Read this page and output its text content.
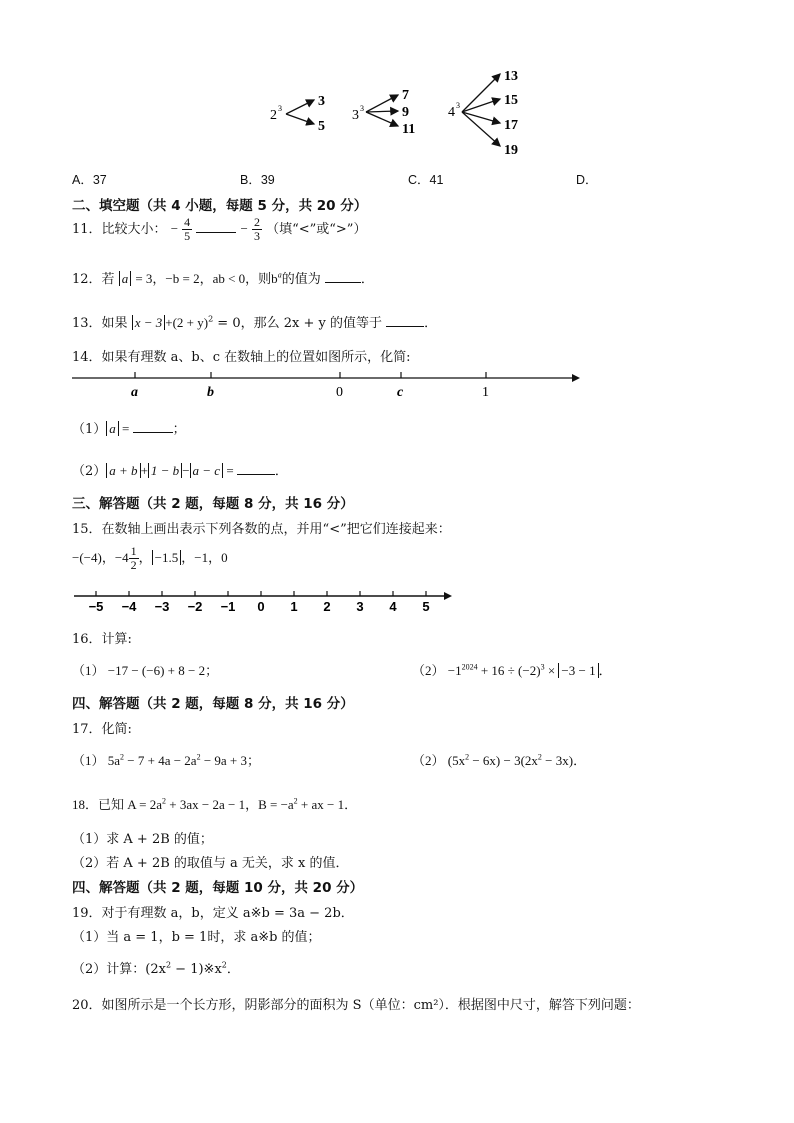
2 3	3
5
3 3
7
9
11
4 3
13
15
17
19
A．37	B．39	C．41	D．
二、填空题（共 4 小题，每题 5 分，共 20 分）
11．比较大小： − $\frac{4}{5}$	− $\frac{2}{3}$ （填“<”或“>”）
12．若 a = 3，−b = 2，ab < 0，则$b^a$的值为	．
13．如果 $x - 3 +(2 + y)^2 = 0$，那么 2x + y 的值等于	．
14．如果有理数 a、b、c 在数轴上的位置如图所示，化简:
a	b	0	c	1
（1） a =	；
（2） a + b + 1 − b − a − c =	．
三、解答题（共 2 题，每题 8 分，共 16 分）
15．在数轴上画出表示下列各数的点，并用“<”把它们连接起来：
−(−4)，$-4 \frac{1}{2}$ ， −1.5 ，−1，0
−5 −4 −3 −2 −1 0 1 2 3 4 5
16．计算:
（1） −17 − (−6) + 8 − 2；	$(2) -1^{2024} + 16 \div (-2)^3 \times -3 - 1$ ．
四、解答题（共 2 题，每题 8 分，共 16 分）
17．化简:
（1） $5a^2 - 7 + 4a - 2a^2 - 9a + 3$；	（2） $(5x^2 - 6x) - 3(2x^2 - 3x)$．
18．已知 $A = 2a^2 + 3ax - 2a - 1$，$B = -a^2$ + ax − 1．
（1）求 A + 2B 的值；
（2）若 A + 2B 的取值与 a 无关，求 x 的值．
四、解答题（共 2 题，每题 10 分，共 20 分）
19．对于有理数 a，b，定义 a※b = 3a − 2b．
（1）当 a = 1，b = 1时，求 a※b 的值；
（2）计算：($2x^2$ − $1)※x^2$．
20．如图所示是一个长方形，阴影部分的面积为 S（单位：cm²）．根据图中尺寸，解答下列问题：
